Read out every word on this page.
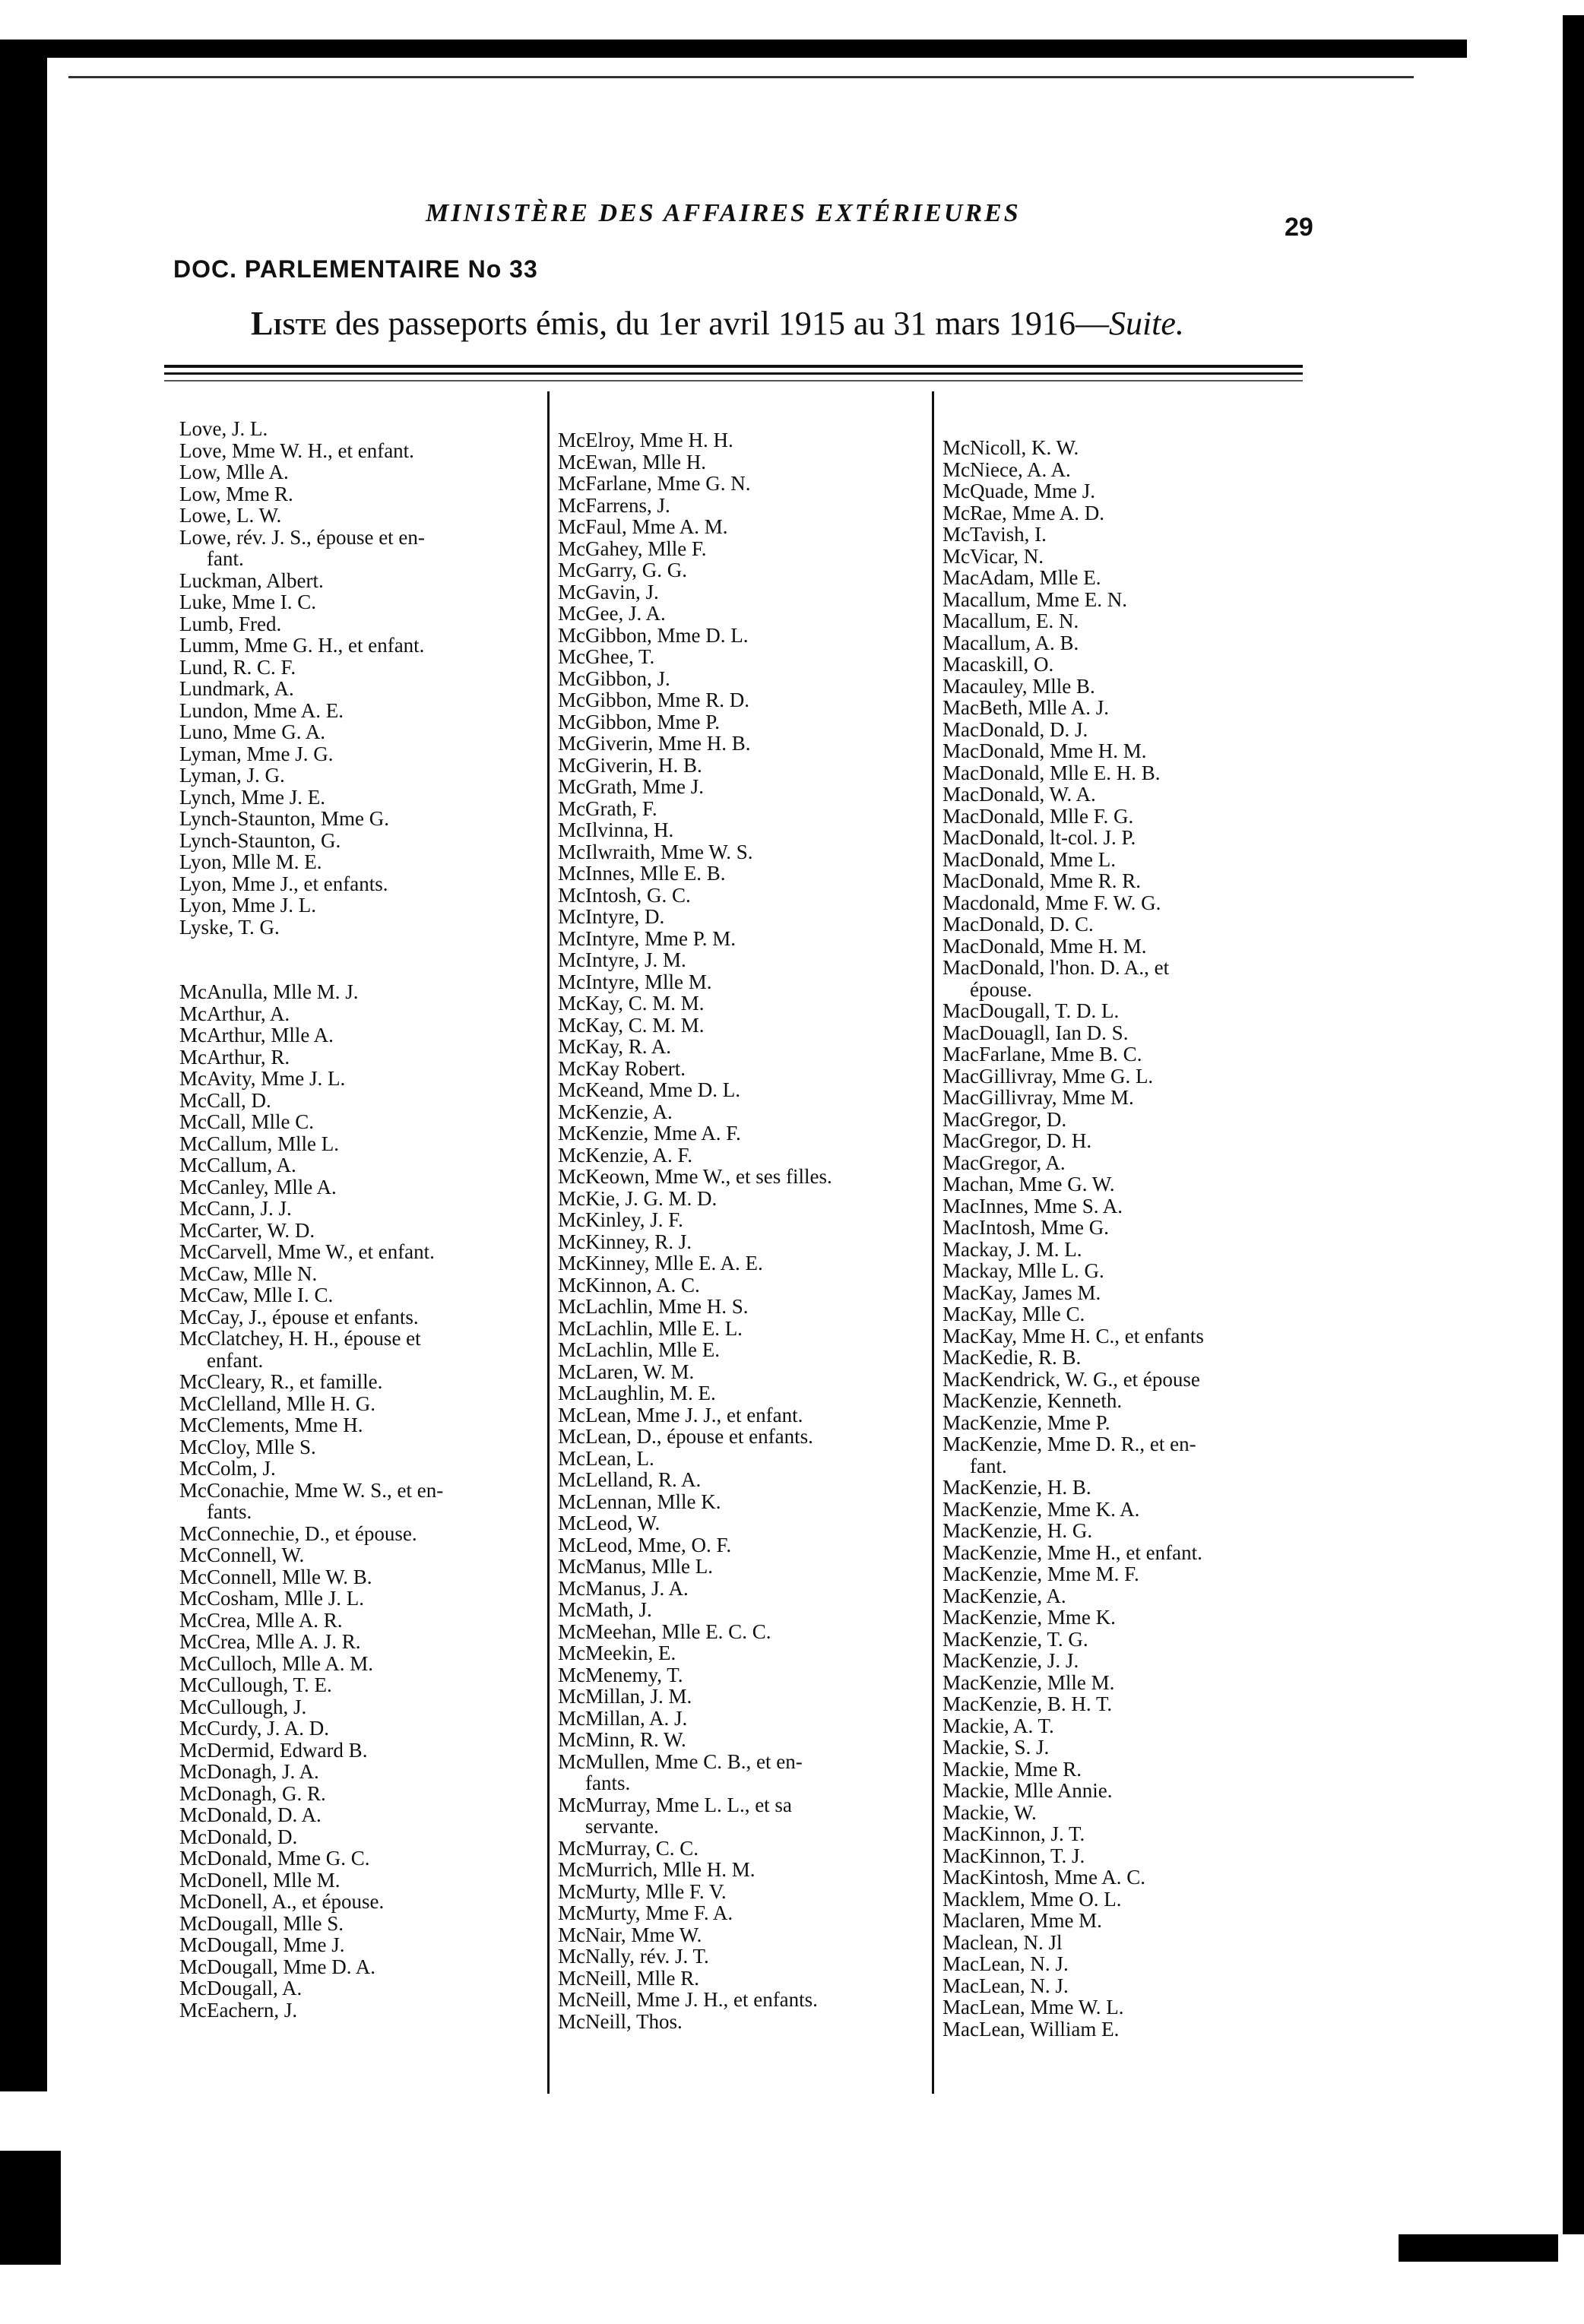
MINISTÈRE DES AFFAIRES EXTÉRIEURES	29
DOC. PARLEMENTAIRE No 33
Liste des passeports émis, du 1er avril 1915 au 31 mars 1916—Suite.
Love, J. L.
Love, Mme W. H., et enfant.
Low, Mlle A.
Low, Mme R.
Lowe, L. W.
Lowe, rév. J. S., épouse et en-
fant.
Luckman, Albert.
Luke, Mme I. C.
Lumb, Fred.
Lumm, Mme G. H., et enfant.
Lund, R. C. F.
Lundmark, A.
Lundon, Mme A. E.
Luno, Mme G. A.
Lyman, Mme J. G.
Lyman, J. G.
Lynch, Mme J. E.
Lynch-Staunton, Mme G.
Lynch-Staunton, G.
Lyon, Mlle M. E.
Lyon, Mme J., et enfants.
Lyon, Mme J. L.
Lyske, T. G.
McAnulla, Mlle M. J.
McArthur, A.
McArthur, Mlle A.
McArthur, R.
McAvity, Mme J. L.
McCall, D.
McCall, Mlle C.
McCallum, Mlle L.
McCallum, A.
McCanley, Mlle A.
McCann, J. J.
McCarter, W. D.
McCarvell, Mme W., et enfant.
McCaw, Mlle N.
McCaw, Mlle I. C.
McCay, J., épouse et enfants.
McClatchey, H. H., épouse et
enfant.
McCleary, R., et famille.
McClelland, Mlle H. G.
McClements, Mme H.
McCloy, Mlle S.
McColm, J.
McConachie, Mme W. S., et en-
fants.
McConnechie, D., et épouse.
McConnell, W.
McConnell, Mlle W. B.
McCosham, Mlle J. L.
McCrea, Mlle A. R.
McCrea, Mlle A. J. R.
McCulloch, Mlle A. M.
McCullough, T. E.
McCullough, J.
McCurdy, J. A. D.
McDermid, Edward B.
McDonagh, J. A.
McDonagh, G. R.
McDonald, D. A.
McDonald, D.
McDonald, Mme G. C.
McDonell, Mlle M.
McDonell, A., et épouse.
McDougall, Mlle S.
McDougall, Mme J.
McDougall, Mme D. A.
McDougall, A.
McEachern, J.
McElroy, Mme H. H.
McEwan, Mlle H.
McFarlane, Mme G. N.
McFarrens, J.
McFaul, Mme A. M.
McGahey, Mlle F.
McGarry, G. G.
McGavin, J.
McGee, J. A.
McGibbon, Mme D. L.
McGhee, T.
McGibbon, J.
McGibbon, Mme R. D.
McGibbon, Mme P.
McGiverin, Mme H. B.
McGiverin, H. B.
McGrath, Mme J.
McGrath, F.
McIlvinna, H.
McIlwraith, Mme W. S.
McInnes, Mlle E. B.
McIntosh, G. C.
McIntyre, D.
McIntyre, Mme P. M.
McIntyre, J. M.
McIntyre, Mlle M.
McKay, C. M. M.
McKay, C. M. M.
McKay, R. A.
McKay Robert.
McKeand, Mme D. L.
McKenzie, A.
McKenzie, Mme A. F.
McKenzie, A. F.
McKeown, Mme W., et ses filles.
McKie, J. G. M. D.
McKinley, J. F.
McKinney, R. J.
McKinney, Mlle E. A. E.
McKinnon, A. C.
McLachlin, Mme H. S.
McLachlin, Mlle E. L.
McLachlin, Mlle E.
McLaren, W. M.
McLaughlin, M. E.
McLean, Mme J. J., et enfant.
McLean, D., épouse et enfants.
McLean, L.
McLelland, R. A.
McLennan, Mlle K.
McLeod, W.
McLeod, Mme, O. F.
McManus, Mlle L.
McManus, J. A.
McMath, J.
McMeehan, Mlle E. C. C.
McMeekin, E.
McMenemy, T.
McMillan, J. M.
McMillan, A. J.
McMinn, R. W.
McMullen, Mme C. B., et en-
fants.
McMurray, Mme L. L., et sa
servante.
McMurray, C. C.
McMurrich, Mlle H. M.
McMurty, Mlle F. V.
McMurty, Mme F. A.
McNair, Mme W.
McNally, rév. J. T.
McNeill, Mlle R.
McNeill, Mme J. H., et enfants.
McNeill, Thos.
McNicoll, K. W.
McNiece, A. A.
McQuade, Mme J.
McRae, Mme A. D.
McTavish, I.
McVicar, N.
MacAdam, Mlle E.
Macallum, Mme E. N.
Macallum, E. N.
Macallum, A. B.
Macaskill, O.
Macauley, Mlle B.
MacBeth, Mlle A. J.
MacDonald, D. J.
MacDonald, Mme H. M.
MacDonald, Mlle E. H. B.
MacDonald, W. A.
MacDonald, Mlle F. G.
MacDonald, lt-col. J. P.
MacDonald, Mme L.
MacDonald, Mme R. R.
Macdonald, Mme F. W. G.
MacDonald, D. C.
MacDonald, Mme H. M.
MacDonald, l'hon. D. A., et
épouse.
MacDougall, T. D. L.
MacDouagll, Ian D. S.
MacFarlane, Mme B. C.
MacGillivray, Mme G. L.
MacGillivray, Mme M.
MacGregor, D.
MacGregor, D. H.
MacGregor, A.
Machan, Mme G. W.
MacInnes, Mme S. A.
MacIntosh, Mme G.
Mackay, J. M. L.
Mackay, Mlle L. G.
MacKay, James M.
MacKay, Mlle C.
MacKay, Mme H. C., et enfants
MacKedie, R. B.
MacKendrick, W. G., et épouse
MacKenzie, Kenneth.
MacKenzie, Mme P.
MacKenzie, Mme D. R., et en-
fant.
MacKenzie, H. B.
MacKenzie, Mme K. A.
MacKenzie, H. G.
MacKenzie, Mme H., et enfant.
MacKenzie, Mme M. F.
MacKenzie, A.
MacKenzie, Mme K.
MacKenzie, T. G.
MacKenzie, J. J.
MacKenzie, Mlle M.
MacKenzie, B. H. T.
Mackie, A. T.
Mackie, S. J.
Mackie, Mme R.
Mackie, Mlle Annie.
Mackie, W.
MacKinnon, J. T.
MacKinnon, T. J.
MacKintosh, Mme A. C.
Macklem, Mme O. L.
Maclaren, Mme M.
Maclean, N. Jl
MacLean, N. J.
MacLean, N. J.
MacLean, Mme W. L.
MacLean, William E.
